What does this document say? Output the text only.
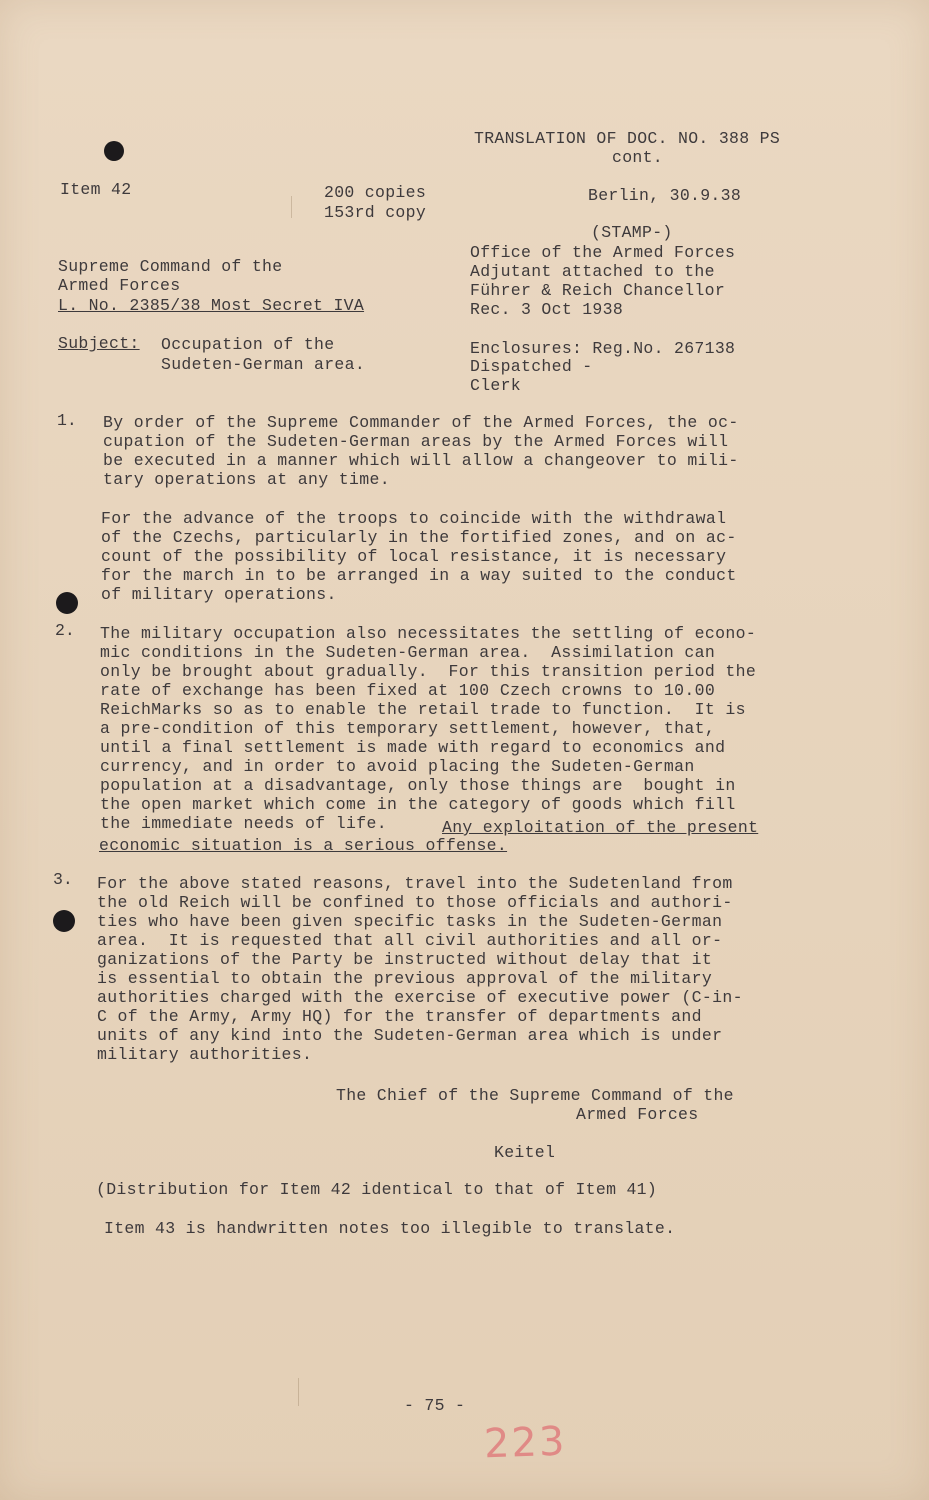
TRANSLATION OF DOC. NO. 388 PS
cont.
Item 42	200 copies
153rd copy
Berlin, 30.9.38
(STAMP-)
Office of the Armed Forces
Adjutant attached to the
Führer & Reich Chancellor
Rec. 3 Oct 1938
Supreme Command of the
Armed Forces
L. No. 2385/38 Most Secret IVA
Subject: Occupation of the
Sudeten-German area.
Enclosures: Reg.No. 267138
Dispatched -
Clerk
1. By order of the Supreme Commander of the Armed Forces, the oc-
cupation of the Sudeten-German areas by the Armed Forces will
be executed in a manner which will allow a changeover to mili-
tary operations at any time.
For the advance of the troops to coincide with the withdrawal
of the Czechs, particularly in the fortified zones, and on ac-
count of the possibility of local resistance, it is necessary
for the march in to be arranged in a way suited to the conduct
of military operations.
2. The military occupation also necessitates the settling of econo-
mic conditions in the Sudeten-German area.  Assimilation can
only be brought about gradually.  For this transition period the
rate of exchange has been fixed at 100 Czech crowns to 10.00
ReichMarks so as to enable the retail trade to function.  It is
a pre-condition of this temporary settlement, however, that,
until a final settlement is made with regard to economics and
currency, and in order to avoid placing the Sudeten-German
population at a disadvantage, only those things are  bought in
the open market which come in the category of goods which fill
the immediate needs of life.	Any exploitation of the present
economic situation is a serious offense.
3. For the above stated reasons, travel into the Sudetenland from
the old Reich will be confined to those officials and authori-
ties who have been given specific tasks in the Sudeten-German
area.  It is requested that all civil authorities and all or-
ganizations of the Party be instructed without delay that it
is essential to obtain the previous approval of the military
authorities charged with the exercise of executive power (C-in-
C of the Army, Army HQ) for the transfer of departments and
units of any kind into the Sudeten-German area which is under
military authorities.
The Chief of the Supreme Command of the
Armed Forces
Keitel
(Distribution for Item 42 identical to that of Item 41)
Item 43 is handwritten notes too illegible to translate.
- 75 -
223
